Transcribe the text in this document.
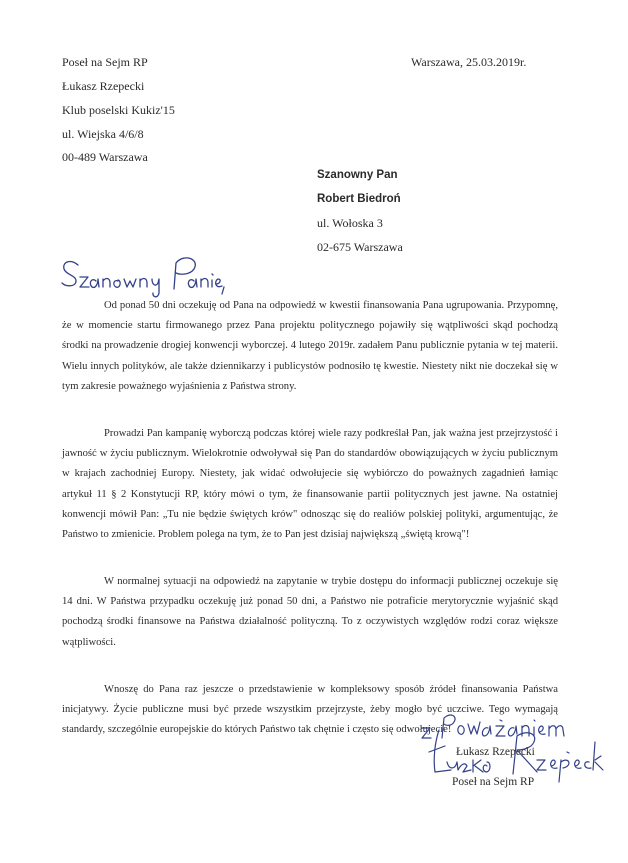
Poseł na Sejm RP
Łukasz Rzepecki
Klub poselski Kukiz'15
ul. Wiejska 4/6/8
00-489 Warszawa
Warszawa, 25.03.2019r.
Szanowny Pan
Robert Biedroń
ul. Wołoska 3
02-675 Warszawa
Szanowny Panie,

Od ponad 50 dni oczekuję od Pana na odpowiedź w kwestii finansowania Pana ugrupowania. Przypomnę, że w momencie startu firmowanego przez Pana projektu politycznego pojawiły się wątpliwości skąd pochodzą środki na prowadzenie drogiej konwencji wyborczej. 4 lutego 2019r. zadałem Panu publicznie pytania w tej materii. Wielu innych polityków, ale także dziennikarzy i publicystów podnosiło tę kwestie. Niestety nikt nie doczekał się w tym zakresie poważnego wyjaśnienia z Państwa strony.

Prowadzi Pan kampanię wyborczą podczas której wiele razy podkreślał Pan, jak ważna jest przejrzystość i jawność w życiu publicznym. Wielokrotnie odwoływał się Pan do standardów obowiązujących w życiu publicznym w krajach zachodniej Europy. Niestety, jak widać odwołujecie się wybiórczo do poważnych zagadnień łamiąc artykuł 11 § 2 Konstytucji RP, który mówi o tym, że finansowanie partii politycznych jest jawne. Na ostatniej konwencji mówił Pan: „Tu nie będzie świętych krów" odnosząc się do realiów polskiej polityki, argumentując, że Państwo to zmienicie. Problem polega na tym, że to Pan jest dzisiaj największą „świętą krową"!

W normalnej sytuacji na odpowiedź na zapytanie w trybie dostępu do informacji publicznej oczekuje się 14 dni. W Państwa przypadku oczekuję już ponad 50 dni, a Państwo nie potraficie merytorycznie wyjaśnić skąd pochodzą środki finansowe na Państwa działalność polityczną. To z oczywistych względów rodzi coraz większe wątpliwości.

Wnoszę do Pana raz jeszcze o przedstawienie w kompleksowy sposób źródeł finansowania Państwa inicjatywy. Życie publiczne musi być przede wszystkim przejrzyste, żeby mogło być uczciwe. Tego wymagają standardy, szczególnie europejskie do których Państwo tak chętnie i często się odwołujecie!

z poważaniem
Łukasz Rzepecki
Poseł na Sejm RP
Łukasz Rzepecki
